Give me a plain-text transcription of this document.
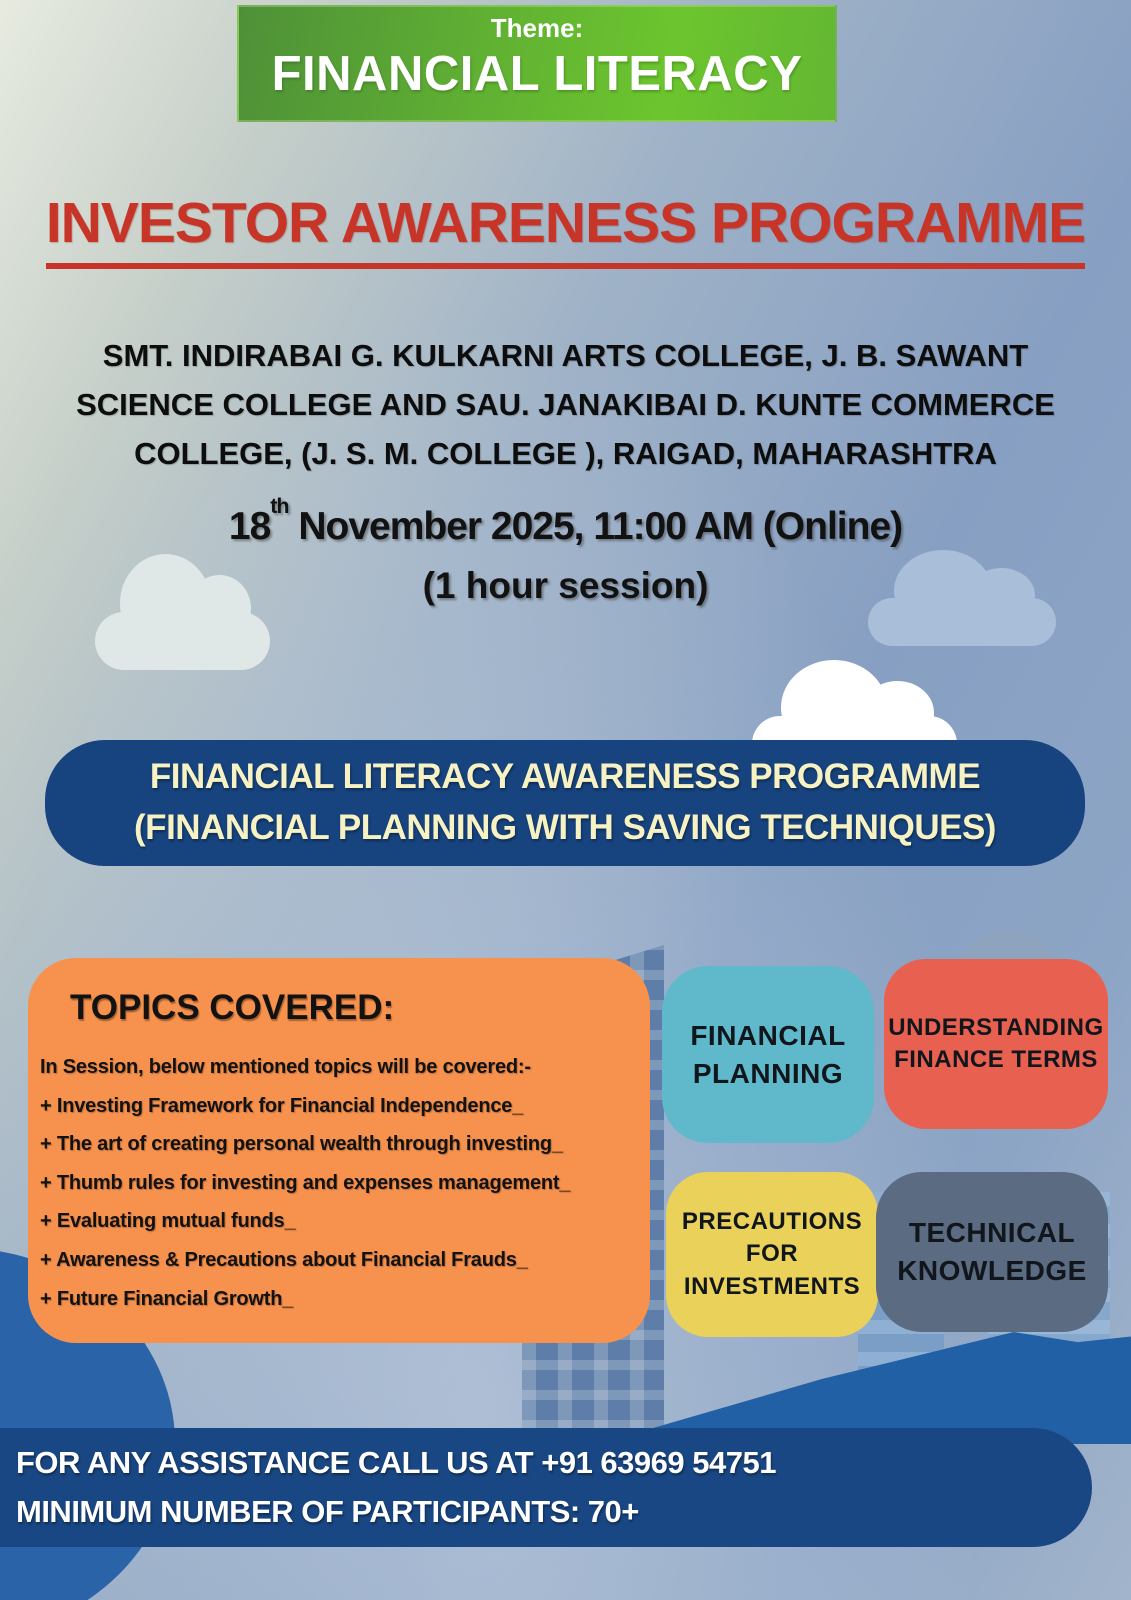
Theme:
FINANCIAL LITERACY
INVESTOR AWARENESS PROGRAMME
SMT. INDIRABAI G. KULKARNI ARTS COLLEGE, J. B. SAWANT SCIENCE COLLEGE AND SAU. JANAKIBAI D. KUNTE COMMERCE COLLEGE, (J. S. M. COLLEGE ), RAIGAD, MAHARASHTRA
18th November 2025, 11:00 AM (Online)
(1 hour session)
FINANCIAL LITERACY AWARENESS PROGRAMME
(FINANCIAL PLANNING WITH SAVING TECHNIQUES)
TOPICS COVERED:
In Session, below mentioned topics will be covered:-
+ Investing Framework for Financial Independence_
+ The art of creating personal wealth through investing_
+ Thumb rules for investing and expenses management_
+ Evaluating mutual funds_
+ Awareness & Precautions about Financial Frauds_
+ Future Financial Growth_
FINANCIAL PLANNING
UNDERSTANDING FINANCE TERMS
PRECAUTIONS FOR INVESTMENTS
TECHNICAL KNOWLEDGE
FOR ANY ASSISTANCE CALL US AT +91 63969 54751
MINIMUM NUMBER OF PARTICIPANTS: 70+
